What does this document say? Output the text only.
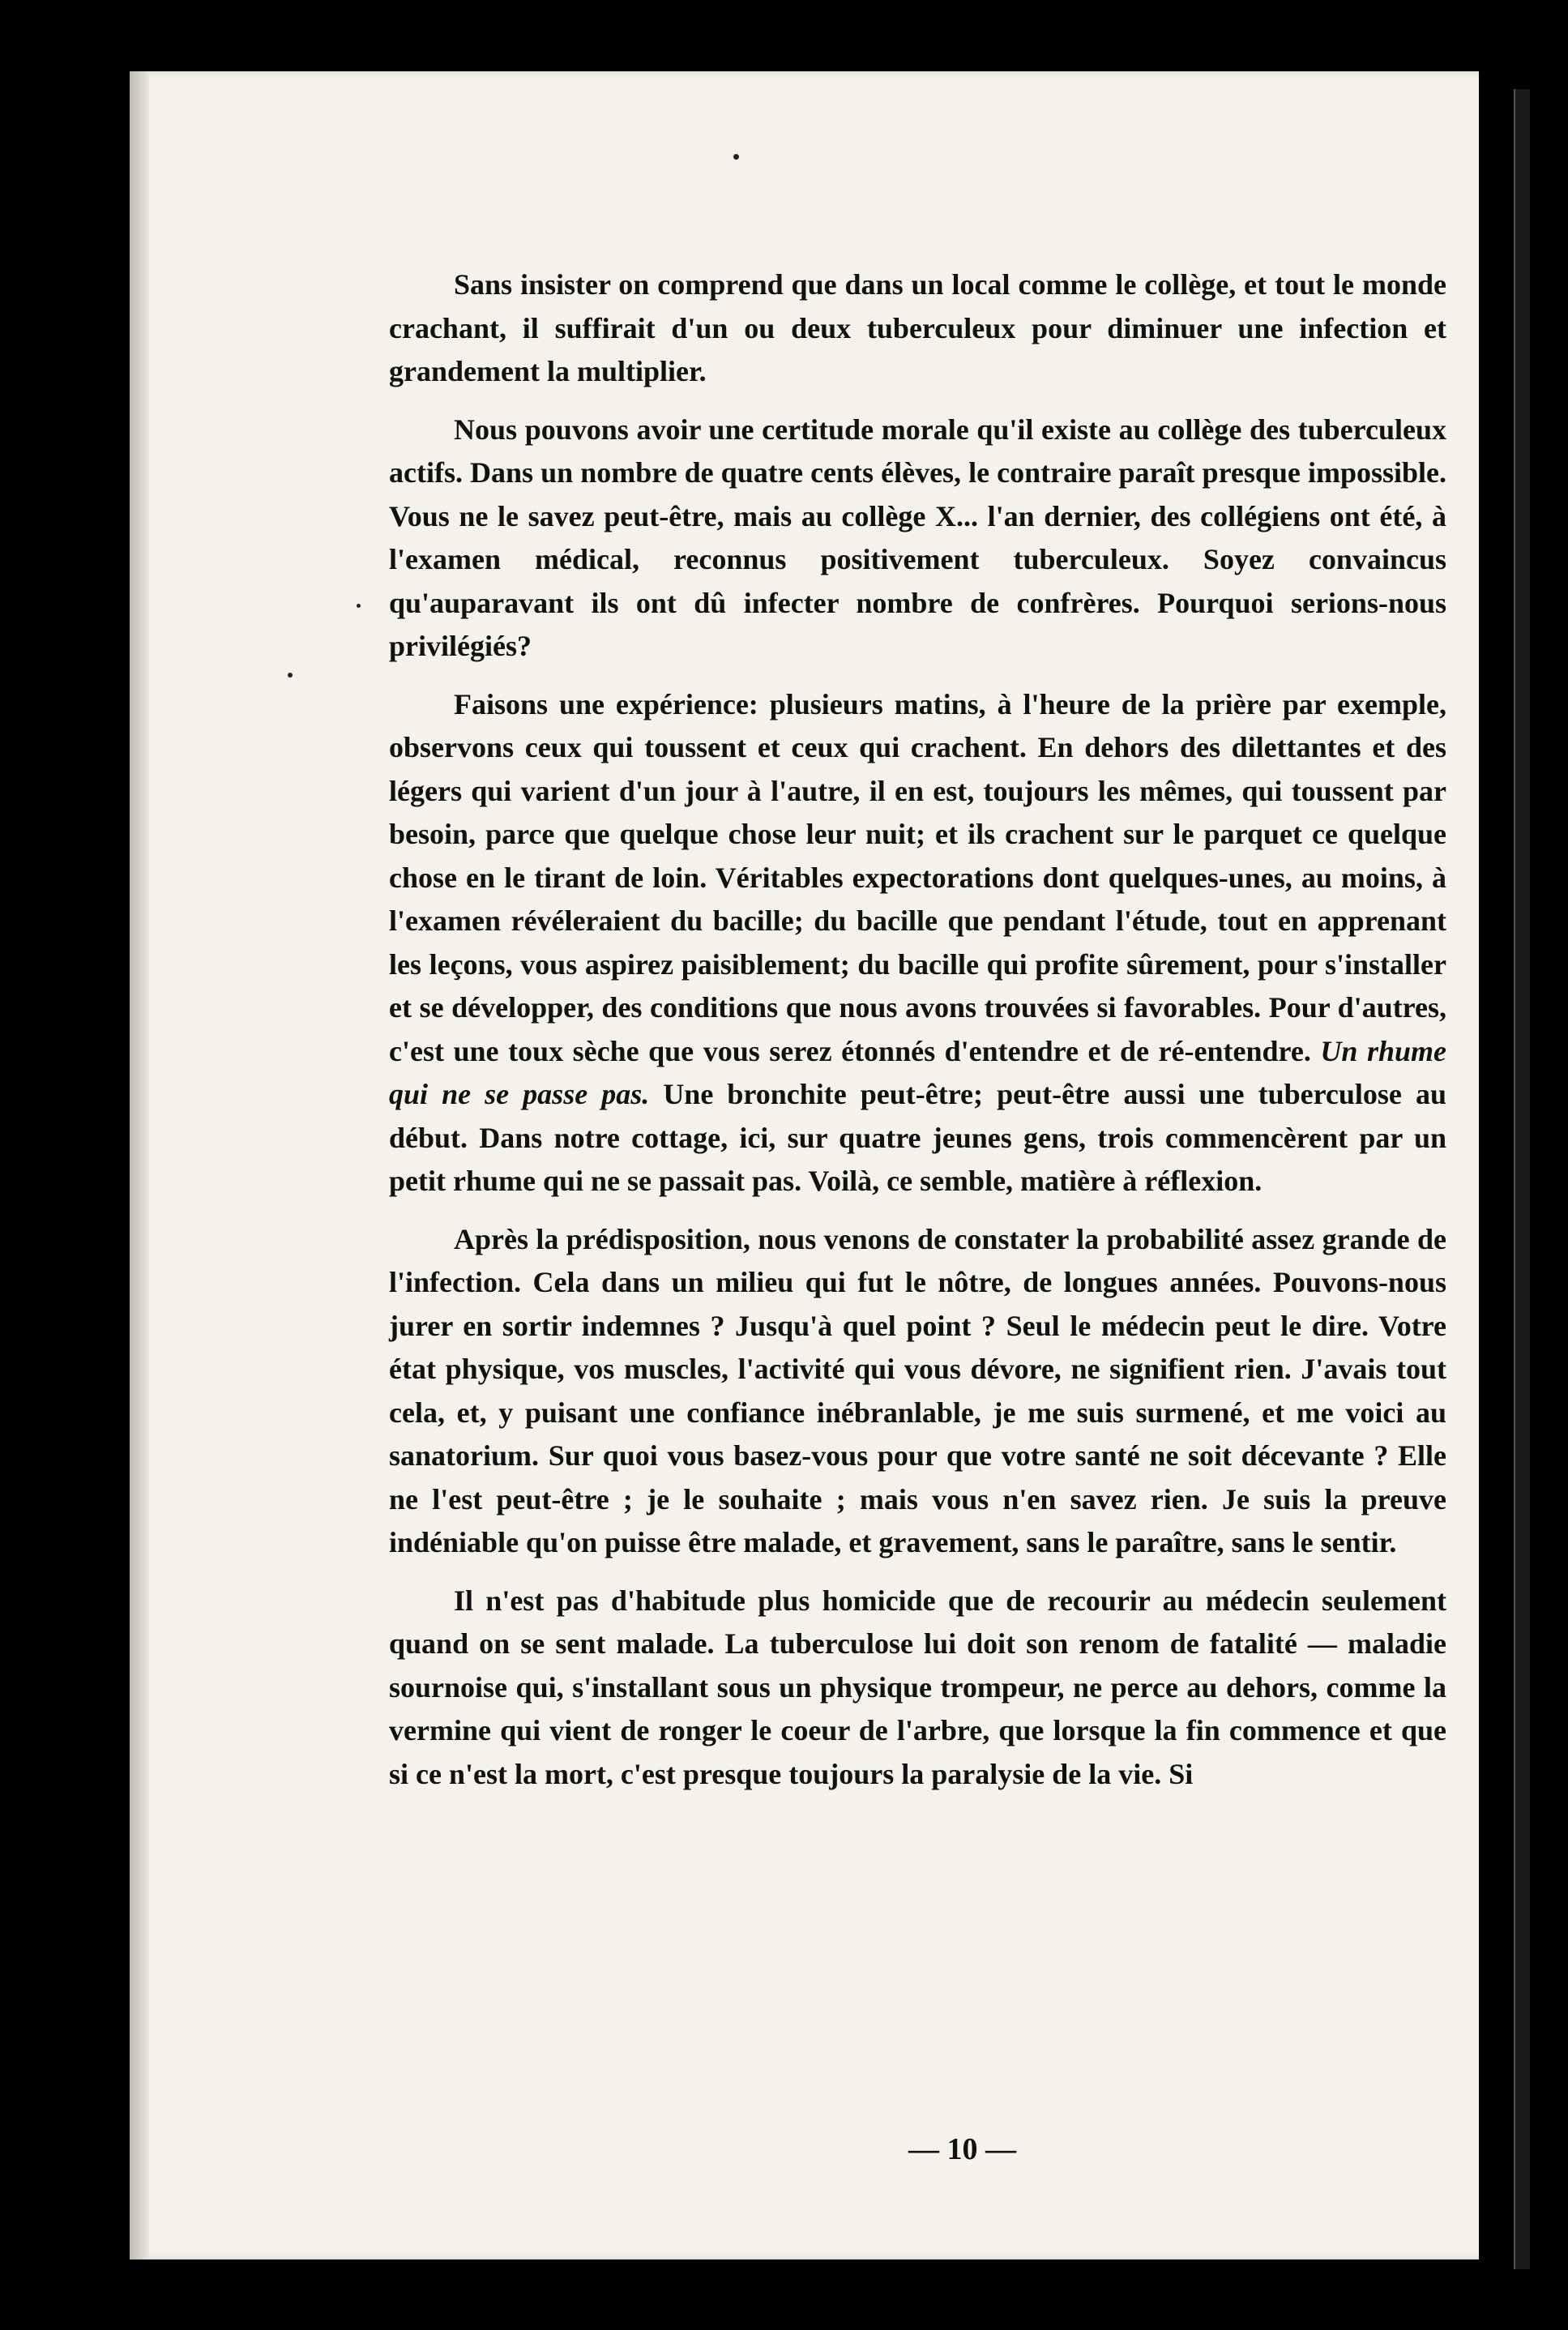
Sans insister on comprend que dans un local comme le collège, et tout le monde crachant, il suffirait d'un ou deux tuberculeux pour diminuer une infection et grandement la multiplier.

Nous pouvons avoir une certitude morale qu'il existe au collège des tuberculeux actifs. Dans un nombre de quatre cents élèves, le contraire paraît presque impossible. Vous ne le savez peut-être, mais au collège X... l'an dernier, des collégiens ont été, à l'examen médical, reconnus positivement tuberculeux. Soyez convaincus qu'auparavant ils ont dû infecter nombre de confrères. Pourquoi serions-nous privilégiés?

Faisons une expérience: plusieurs matins, à l'heure de la prière par exemple, observons ceux qui toussent et ceux qui crachent. En dehors des dilettantes et des légers qui varient d'un jour à l'autre, il en est, toujours les mêmes, qui toussent par besoin, parce que quelque chose leur nuit; et ils crachent sur le parquet ce quelque chose en le tirant de loin. Véritables expectorations dont quelques-unes, au moins, à l'examen révéleraient du bacille; du bacille que pendant l'étude, tout en apprenant les leçons, vous aspirez paisiblement; du bacille qui profite sûrement, pour s'installer et se développer, des conditions que nous avons trouvées si favorables. Pour d'autres, c'est une toux sèche que vous serez étonnés d'entendre et de ré-entendre. Un rhume qui ne se passe pas. Une bronchite peut-être; peut-être aussi une tuberculose au début. Dans notre cottage, ici, sur quatre jeunes gens, trois commencèrent par un petit rhume qui ne se passait pas. Voilà, ce semble, matière à réflexion.

Après la prédisposition, nous venons de constater la probabilité assez grande de l'infection. Cela dans un milieu qui fut le nôtre, de longues années. Pouvons-nous jurer en sortir indemnes ? Jusqu'à quel point ? Seul le médecin peut le dire. Votre état physique, vos muscles, l'activité qui vous dévore, ne signifient rien. J'avais tout cela, et, y puisant une confiance inébranlable, je me suis surmené, et me voici au sanatorium. Sur quoi vous basez-vous pour que votre santé ne soit décevante ? Elle ne l'est peut-être ; je le souhaite ; mais vous n'en savez rien. Je suis la preuve indéniable qu'on puisse être malade, et gravement, sans le paraître, sans le sentir.

Il n'est pas d'habitude plus homicide que de recourir au médecin seulement quand on se sent malade. La tuberculose lui doit son renom de fatalité — maladie sournoise qui, s'installant sous un physique trompeur, ne perce au dehors, comme la vermine qui vient de ronger le coeur de l'arbre, que lorsque la fin commence et que si ce n'est la mort, c'est presque toujours la paralysie de la vie. Si

— 10 —
